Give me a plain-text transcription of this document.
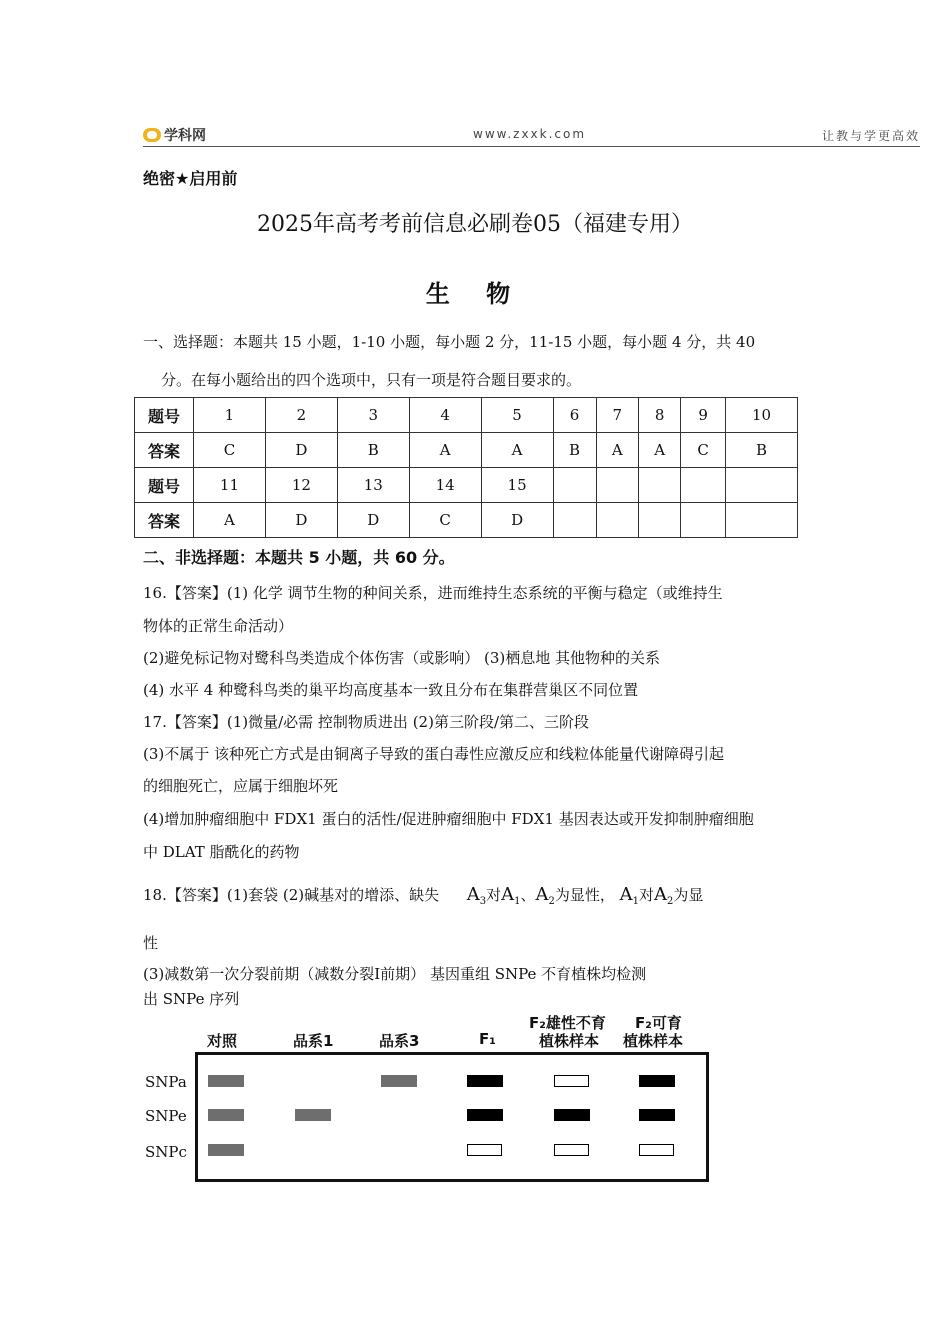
学科网	www.zxxk.com	让教与学更高效
绝密★启用前
2025年高考考前信息必刷卷05（福建专用）
生 物
一、选择题：本题共 15 小题，1-10 小题，每小题 2 分，11-15 小题，每小题 4 分，共 40
分。在每小题给出的四个选项中，只有一项是符合题目要求的。
题号	1	2	3	4	5	6	7	8	9	10
答案	C	D	B	A	A	B	A	A	C	B
题号	11	12	13	14	15					
答案	A	D	D	C	D					
二、非选择题：本题共 5 小题，共 60 分。
16.【答案】(1) 化学 调节生物的种间关系，进而维持生态系统的平衡与稳定（或维持生
物体的正常生命活动）
(2)避免标记物对鹭科鸟类造成个体伤害（或影响） (3)栖息地 其他物种的关系
(4) 水平 4 种鹭科鸟类的巢平均高度基本一致且分布在集群营巢区不同位置
17.【答案】(1)微量/必需 控制物质进出 (2)第三阶段/第二、三阶段
(3)不属于 该种死亡方式是由铜离子导致的蛋白毒性应激反应和线粒体能量代谢障碍引起
的细胞死亡，应属于细胞坏死
(4)增加肿瘤细胞中 FDX1 蛋白的活性/促进肿瘤细胞中 FDX1 基因表达或开发抑制肿瘤细胞
中 DLAT 脂酰化的药物
18.【答案】(1)套袋 (2)碱基对的增添、缺失 $A_3$对$A_1$、$A_2$为显性， $A_1$对$A_2$为显
性
(3)减数第一次分裂前期（减数分裂Ⅰ前期） 基因重组 SNPe 不育植株均检测
出 SNPe 序列
对照	品系1	品系3	F₁
F₂雄性不育
植株样本
F₂可育
植株样本
SNPa
SNPe
SNPc
